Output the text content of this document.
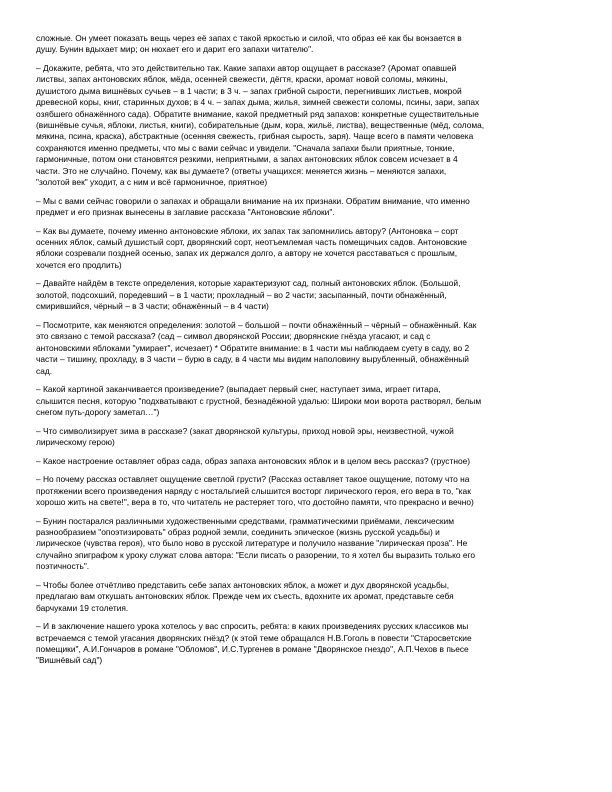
сложные. Он умеет показать вещь через её запах с такой яркостью и силой, что образ её как бы вонзается в
душу. Бунин вдыхает мир; он нюхает его и дарит его запахи читателю".

– Докажите, ребята, что это действительно так. Какие запахи автор ощущает в рассказе? (Аромат опавшей
листвы, запах антоновских яблок, мёда, осенней свежести, дёгтя, краски, аромат новой соломы, мякины,
душистого дыма вишнёвых сучьев – в 1 части; в 3 ч. – запах грибной сырости, перегнивших листьев, мокрой
древесной коры, книг, старинных духов; в 4 ч. – запах дыма, жилья, зимней свежести соломы, псины, зари, запах
озябшего обнажённого сада). Обратите внимание, какой предметный ряд запахов: конкретные существительные
(вишнёвые сучья, яблоки, листья, книги), собирательные (дым, кора, жильё, листва), вещественные (мёд, солома,
мякина, псина, краска), абстрактные (осенняя свежесть, грибная сырость, заря). Чаще всего в памяти человека
сохраняются именно предметы, что мы с вами сейчас и увидели. "Сначала запахи были приятные, тонкие,
гармоничные, потом они становятся резкими, неприятными, а запах антоновских яблок совсем исчезает в 4
части. Это не случайно. Почему, как вы думаете? (ответы учащихся: меняется жизнь – меняются запахи,
"золотой век" уходит, а с ним и всё гармоничное, приятное)

– Мы с вами сейчас говорили о запахах и обращали внимание на их признаки. Обратим внимание, что именно
предмет и его признак вынесены в заглавие рассказа "Антоновские яблоки".

– Как вы думаете, почему именно антоновские яблоки, их запах так запомнились автору? (Антоновка – сорт
осенних яблок, самый душистый сорт, дворянский сорт, неотъемлемая часть помещичьих садов. Антоновские
яблоки созревали поздней осенью, запах их держался долго, а автору не хочется расставаться с прошлым,
хочется его продлить)

– Давайте найдём в тексте определения, которые характеризуют сад, полный антоновских яблок. (Большой,
золотой, подсохший, поредевший – в 1 части; прохладный – во 2 части; засыпанный, почти обнажённый,
смирившийся, чёрный – в 3 части; обнажённый – в 4 части)

– Посмотрите, как меняются определения: золотой – большой – почти обнажённый – чёрный – обнажённый. Как
это связано с темой рассказа? (сад – символ дворянской России; дворянские гнёзда угасают, и сад с
антоновскими яблоками "умирает", исчезает) * Обратите внимание: в 1 части мы наблюдаем суету в саду, во 2
части – тишину, прохладу, в 3 части – бурю в саду, в 4 части мы видим наполовину вырубленный, обнажённый
сад.

– Какой картиной заканчивается произведение? (выпадает первый снег, наступает зима, играет гитара,
слышится песня, которую "подхватывают с грустной, безнадёжной удалью: Широки мои ворота растворял, белым
снегом путь-дорогу заметал…")

– Что символизирует зима в рассказе? (закат дворянской культуры, приход новой эры, неизвестной, чужой
лирическому герою)

– Какое настроение оставляет образ сада, образ запаха антоновских яблок и в целом весь рассказ? (грустное)

– Но почему рассказ оставляет ощущение светлой грусти? (Рассказ оставляет такое ощущение, потому что на
протяжении всего произведения наряду с ностальгией слышится восторг лирического героя, его вера в то, "как
хорошо жить на свете!", вера в то, что читатель не растеряет того, что достойно памяти, что прекрасно и вечно)

– Бунин постарался различными художественными средствами, грамматическими приёмами, лексическим
разнообразием "опоэтизировать" образ родной земли, соединить эпическое (жизнь русской усадьбы) и
лирическое (чувства героя), что было ново в русской литературе и получило название "лирическая проза". Не
случайно эпиграфом к уроку служат слова автора: "Если писать о разорении, то я хотел бы выразить только его
поэтичность".

– Чтобы более отчётливо представить себе запах антоновских яблок, а может и дух дворянской усадьбы,
предлагаю вам откушать антоновских яблок. Прежде чем их съесть, вдохните их аромат, представьте себя
барчуками 19 столетия.

– И в заключение нашего урока хотелось у вас спросить, ребята: в каких произведениях русских классиков мы
встречаемся с темой угасания дворянских гнёзд? (к этой теме обращался Н.В.Гоголь в повести "Старосветские
помещики", А.И.Гончаров в романе "Обломов", И.С.Тургенев в романе "Дворянское гнездо", А.П.Чехов в пьесе
"Вишнёвый сад")
